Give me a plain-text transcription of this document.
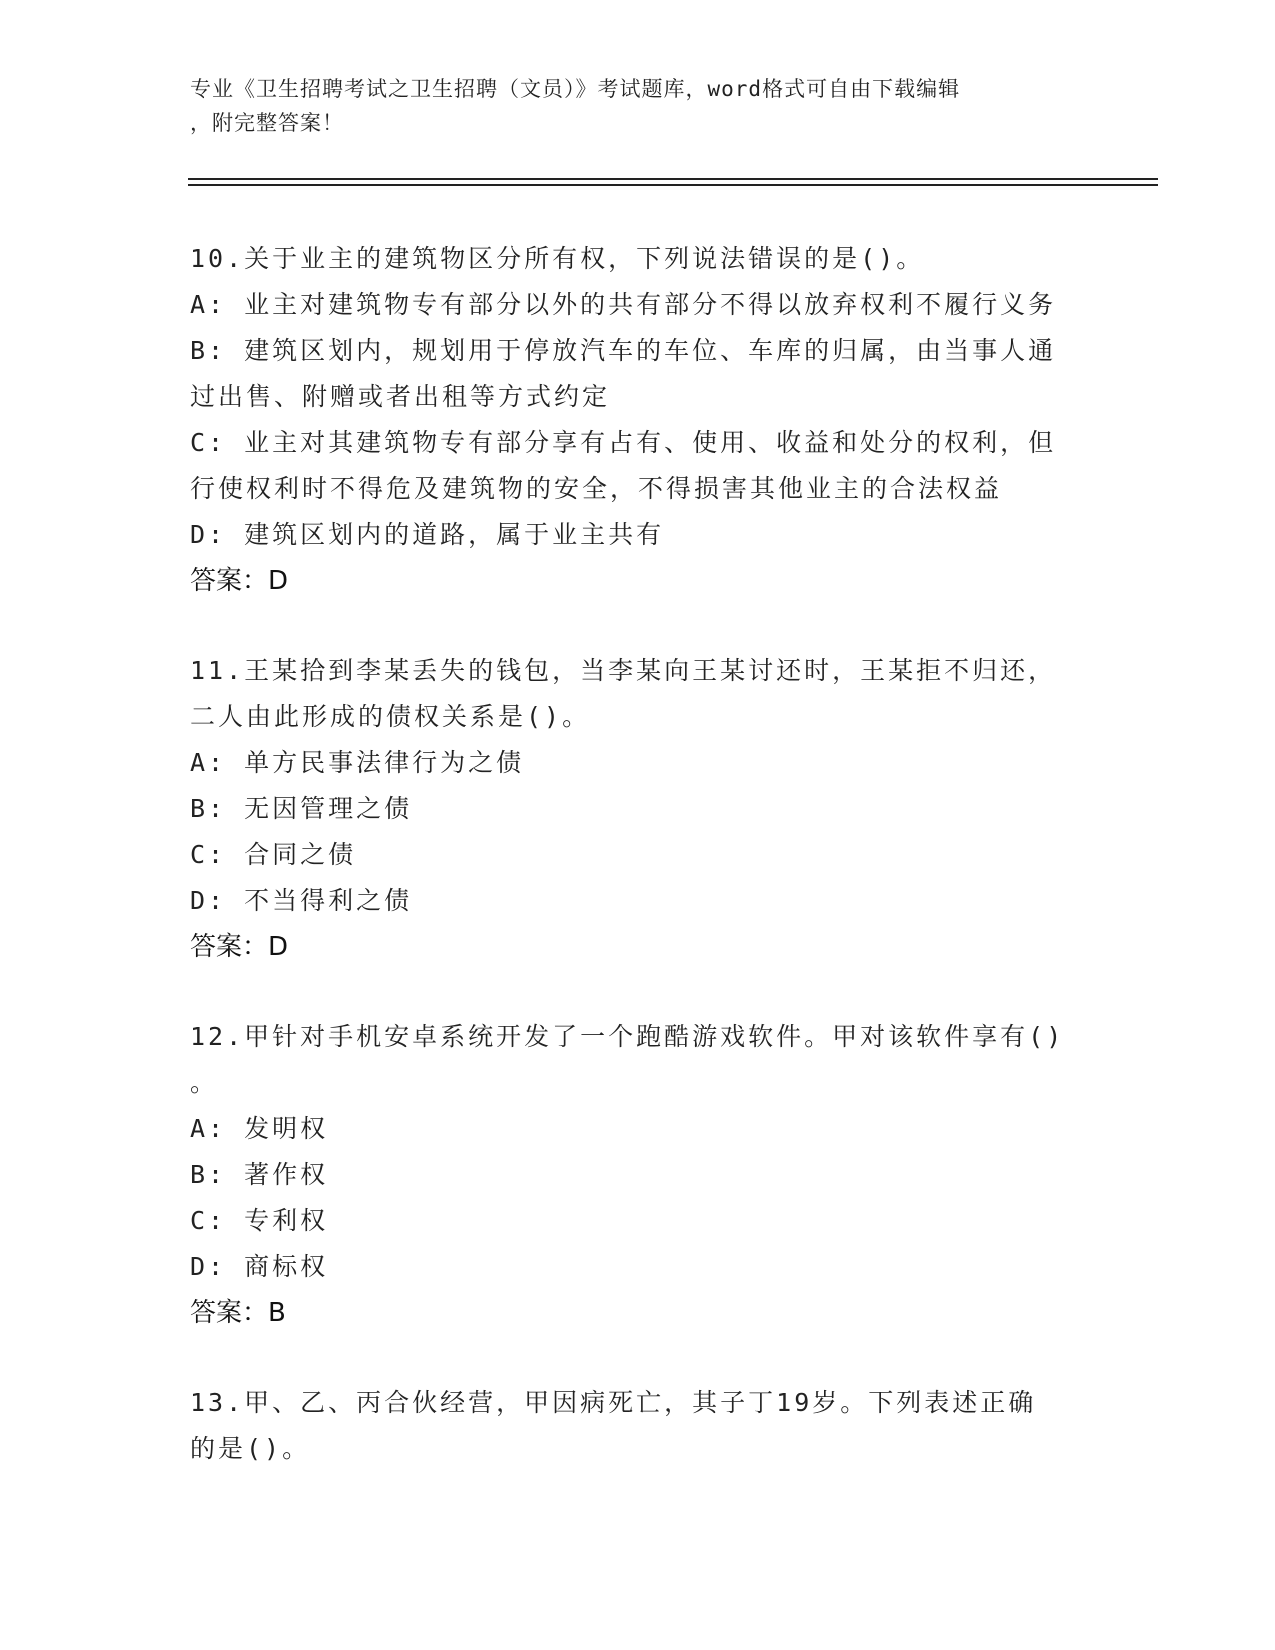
专业《卫生招聘考试之卫生招聘（文员）》考试题库，word格式可自由下载编辑
，附完整答案！
10.关于业主的建筑物区分所有权，下列说法错误的是()。
A: 业主对建筑物专有部分以外的共有部分不得以放弃权利不履行义务
B: 建筑区划内，规划用于停放汽车的车位、车库的归属，由当事人通
过出售、附赠或者出租等方式约定
C: 业主对其建筑物专有部分享有占有、使用、收益和处分的权利，但
行使权利时不得危及建筑物的安全，不得损害其他业主的合法权益
D: 建筑区划内的道路，属于业主共有
答案：D
11.王某拾到李某丢失的钱包，当李某向王某讨还时，王某拒不归还，
二人由此形成的债权关系是()。
A: 单方民事法律行为之债
B: 无因管理之债
C: 合同之债
D: 不当得利之债
答案：D
12.甲针对手机安卓系统开发了一个跑酷游戏软件。甲对该软件享有()
。
A: 发明权
B: 著作权
C: 专利权
D: 商标权
答案：B
13.甲、乙、丙合伙经营，甲因病死亡，其子丁19岁。下列表述正确
的是()。
